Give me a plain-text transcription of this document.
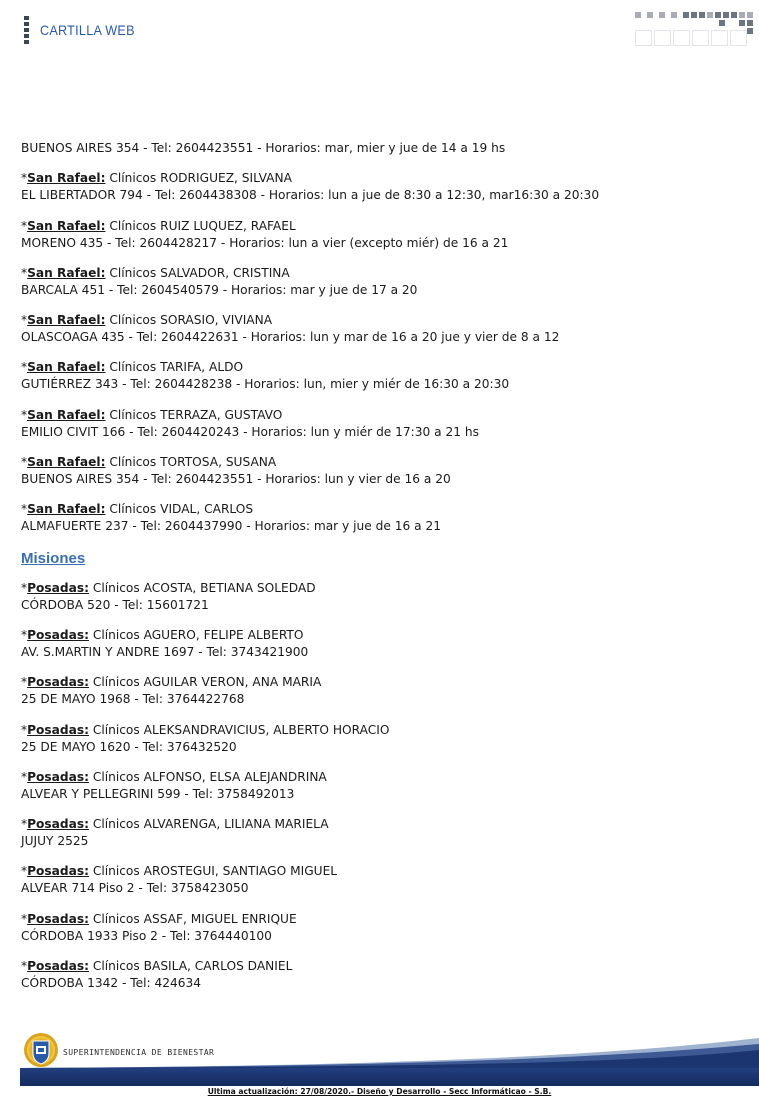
CARTILLA WEB
BUENOS AIRES 354 - Tel: 2604423551 - Horarios: mar, mier y jue de 14 a 19 hs
*San Rafael: Clínicos RODRIGUEZ, SILVANA
EL LIBERTADOR 794 - Tel: 2604438308 - Horarios: lun a jue de 8:30 a 12:30, mar16:30 a 20:30
*San Rafael: Clínicos RUIZ LUQUEZ, RAFAEL
MORENO 435 - Tel: 2604428217 - Horarios: lun a vier (excepto miér) de 16 a 21
*San Rafael: Clínicos SALVADOR, CRISTINA
BARCALA 451 - Tel: 2604540579 - Horarios: mar y jue de 17 a 20
*San Rafael: Clínicos SORASIO, VIVIANA
OLASCOAGA 435 - Tel: 2604422631 - Horarios: lun y mar de 16 a 20 jue y vier de 8 a 12
*San Rafael: Clínicos TARIFA, ALDO
GUTIÉRREZ 343 - Tel: 2604428238 - Horarios: lun, mier y miér de 16:30 a 20:30
*San Rafael: Clínicos TERRAZA, GUSTAVO
EMILIO CIVIT 166 - Tel: 2604420243 - Horarios: lun y miér de 17:30 a 21 hs
*San Rafael: Clínicos TORTOSA, SUSANA
BUENOS AIRES 354 - Tel: 2604423551 - Horarios: lun y vier de 16 a 20
*San Rafael: Clínicos VIDAL, CARLOS
ALMAFUERTE 237 - Tel: 2604437990 - Horarios: mar y jue de 16 a 21
Misiones
*Posadas: Clínicos ACOSTA, BETIANA SOLEDAD
CÓRDOBA 520 - Tel: 15601721
*Posadas: Clínicos AGUERO, FELIPE ALBERTO
AV. S.MARTIN Y ANDRE 1697 - Tel: 3743421900
*Posadas: Clínicos AGUILAR VERON, ANA MARIA
25 DE MAYO 1968 - Tel: 3764422768
*Posadas: Clínicos ALEKSANDRAVICIUS, ALBERTO HORACIO
25 DE MAYO 1620 - Tel: 376432520
*Posadas: Clínicos ALFONSO, ELSA ALEJANDRINA
ALVEAR Y PELLEGRINI 599 - Tel: 3758492013
*Posadas: Clínicos ALVARENGA, LILIANA MARIELA
JUJUY 2525
*Posadas: Clínicos AROSTEGUI, SANTIAGO MIGUEL
ALVEAR 714 Piso 2 - Tel: 3758423050
*Posadas: Clínicos ASSAF, MIGUEL ENRIQUE
CÓRDOBA 1933 Piso 2 - Tel: 3764440100
*Posadas: Clínicos BASILA, CARLOS DANIEL
CÓRDOBA 1342 - Tel: 424634
SUPERINTENDENCIA DE BIENESTAR
Ultima actualización: 27/08/2020.- Diseño y Desarrollo - Secc Informáticao - S.B.
